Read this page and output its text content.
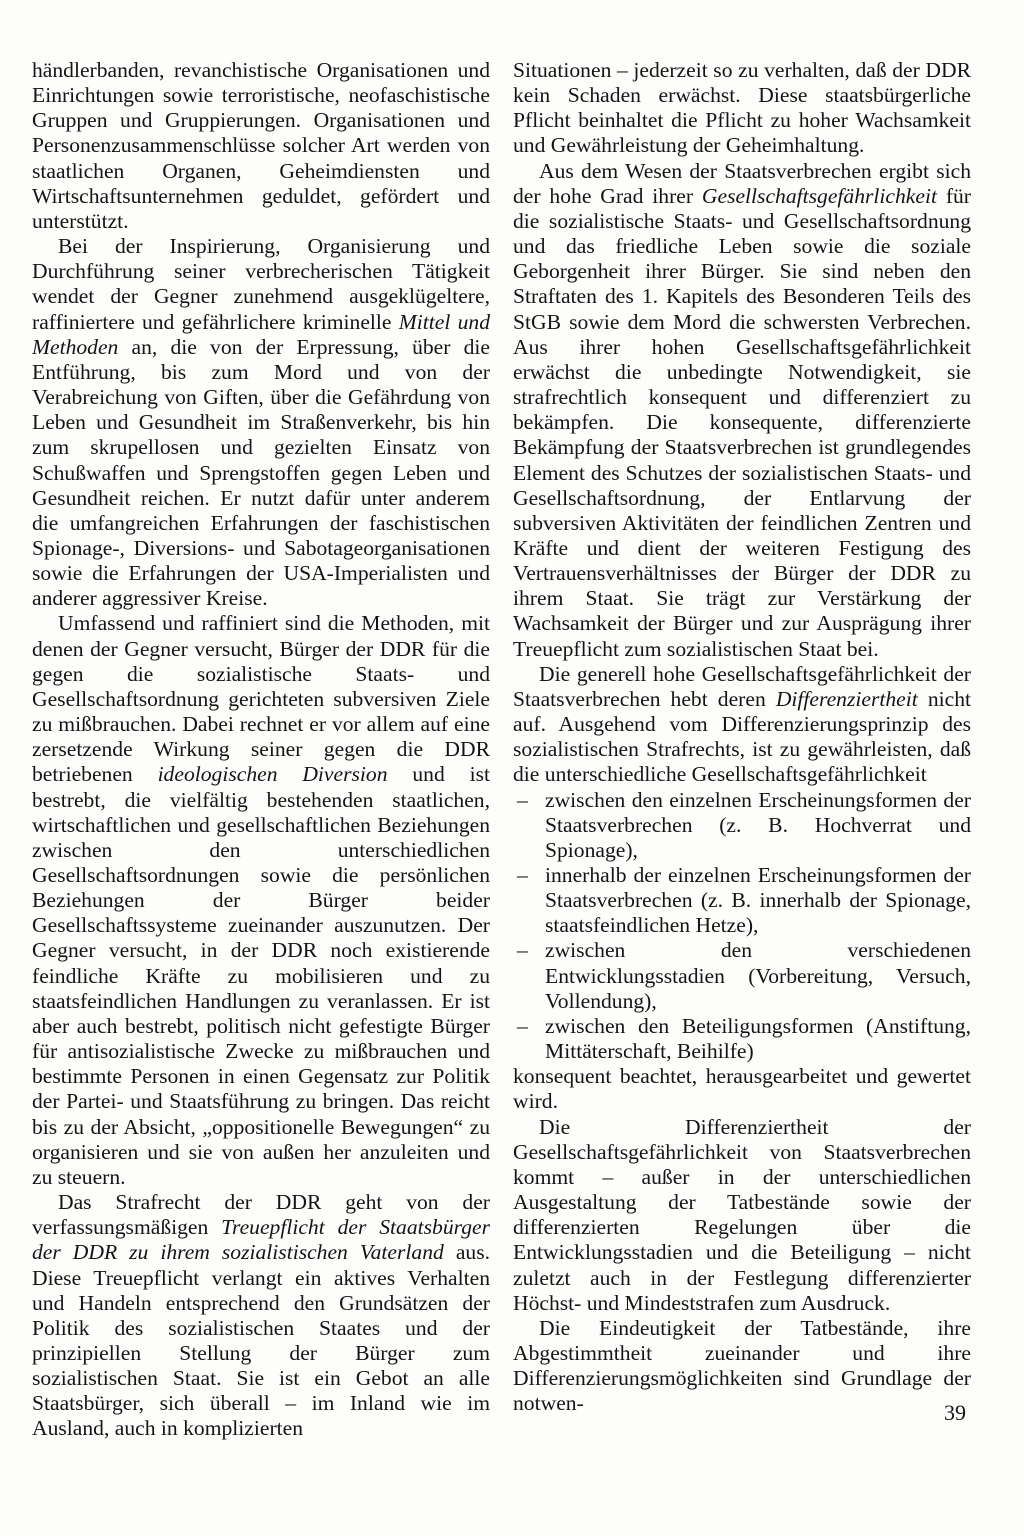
händlerbanden, revanchistische Organisationen und Einrichtungen sowie terroristische, neofaschistische Gruppen und Gruppierungen. Organisationen und Personenzusammenschlüsse solcher Art werden von staatlichen Organen, Geheimdiensten und Wirtschaftsunternehmen geduldet, gefördert und unterstützt.

Bei der Inspirierung, Organisierung und Durchführung seiner verbrecherischen Tätigkeit wendet der Gegner zunehmend ausgeklügeltere, raffiniertere und gefährlichere kriminelle Mittel und Methoden an, die von der Erpressung, über die Entführung, bis zum Mord und von der Verabreichung von Giften, über die Gefährdung von Leben und Gesundheit im Straßenverkehr, bis hin zum skrupellosen und gezielten Einsatz von Schußwaffen und Sprengstoffen gegen Leben und Gesundheit reichen. Er nutzt dafür unter anderem die umfangreichen Erfahrungen der faschistischen Spionage-, Diversions- und Sabotageorganisationen sowie die Erfahrungen der USA-Imperialisten und anderer aggressiver Kreise.

Umfassend und raffiniert sind die Methoden, mit denen der Gegner versucht, Bürger der DDR für die gegen die sozialistische Staats- und Gesellschaftsordnung gerichteten subversiven Ziele zu mißbrauchen. Dabei rechnet er vor allem auf eine zersetzende Wirkung seiner gegen die DDR betriebenen ideologischen Diversion und ist bestrebt, die vielfältig bestehenden staatlichen, wirtschaftlichen und gesellschaftlichen Beziehungen zwischen den unterschiedlichen Gesellschaftsordnungen sowie die persönlichen Beziehungen der Bürger beider Gesellschaftssysteme zueinander auszunutzen. Der Gegner versucht, in der DDR noch existierende feindliche Kräfte zu mobilisieren und zu staatsfeindlichen Handlungen zu veranlassen. Er ist aber auch bestrebt, politisch nicht gefestigte Bürger für antisozialistische Zwecke zu mißbrauchen und bestimmte Personen in einen Gegensatz zur Politik der Partei- und Staatsführung zu bringen. Das reicht bis zu der Absicht, „oppositionelle Bewegungen“ zu organisieren und sie von außen her anzuleiten und zu steuern.

Das Strafrecht der DDR geht von der verfassungsmäßigen Treuepflicht der Staatsbürger der DDR zu ihrem sozialistischen Vaterland aus. Diese Treuepflicht verlangt ein aktives Verhalten und Handeln entsprechend den Grundsätzen der Politik des sozialistischen Staates und der prinzipiellen Stellung der Bürger zum sozialistischen Staat. Sie ist ein Gebot an alle Staatsbürger, sich überall – im Inland wie im Ausland, auch in komplizierten

Situationen – jederzeit so zu verhalten, daß der DDR kein Schaden erwächst. Diese staatsbürgerliche Pflicht beinhaltet die Pflicht zu hoher Wachsamkeit und Gewährleistung der Geheimhaltung.

Aus dem Wesen der Staatsverbrechen ergibt sich der hohe Grad ihrer Gesellschaftsgefährlichkeit für die sozialistische Staats- und Gesellschaftsordnung und das friedliche Leben sowie die soziale Geborgenheit ihrer Bürger. Sie sind neben den Straftaten des 1. Kapitels des Besonderen Teils des StGB sowie dem Mord die schwersten Verbrechen. Aus ihrer hohen Gesellschaftsgefährlichkeit erwächst die unbedingte Notwendigkeit, sie strafrechtlich konsequent und differenziert zu bekämpfen. Die konsequente, differenzierte Bekämpfung der Staatsverbrechen ist grundlegendes Element des Schutzes der sozialistischen Staats- und Gesellschaftsordnung, der Entlarvung der subversiven Aktivitäten der feindlichen Zentren und Kräfte und dient der weiteren Festigung des Vertrauensverhältnisses der Bürger der DDR zu ihrem Staat. Sie trägt zur Verstärkung der Wachsamkeit der Bürger und zur Ausprägung ihrer Treuepflicht zum sozialistischen Staat bei.

Die generell hohe Gesellschaftsgefährlichkeit der Staatsverbrechen hebt deren Differenziertheit nicht auf. Ausgehend vom Differenzierungsprinzip des sozialistischen Strafrechts, ist zu gewährleisten, daß die unterschiedliche Gesellschaftsgefährlichkeit

– zwischen den einzelnen Erscheinungsformen der Staatsverbrechen (z. B. Hochverrat und Spionage),
– innerhalb der einzelnen Erscheinungsformen der Staatsverbrechen (z. B. innerhalb der Spionage, staatsfeindlichen Hetze),
– zwischen den verschiedenen Entwicklungsstadien (Vorbereitung, Versuch, Vollendung),
– zwischen den Beteiligungsformen (Anstiftung, Mittäterschaft, Beihilfe)

konsequent beachtet, herausgearbeitet und gewertet wird.

Die Differenziertheit der Gesellschaftsgefährlichkeit von Staatsverbrechen kommt – außer in der unterschiedlichen Ausgestaltung der Tatbestände sowie der differenzierten Regelungen über die Entwicklungsstadien und die Beteiligung – nicht zuletzt auch in der Festlegung differenzierter Höchst- und Mindeststrafen zum Ausdruck.

Die Eindeutigkeit der Tatbestände, ihre Abgestimmtheit zueinander und ihre Differenzierungsmöglichkeiten sind Grundlage der notwen-	39
